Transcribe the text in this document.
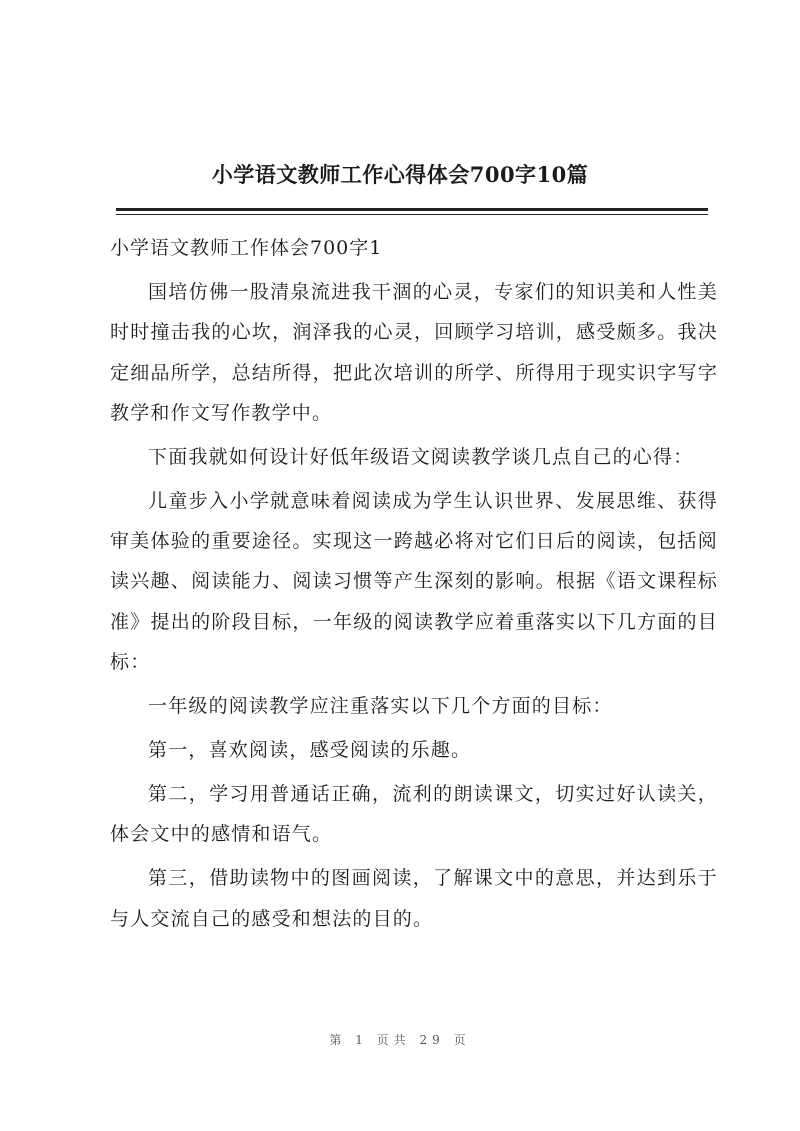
小学语文教师工作心得体会700字10篇

小学语文教师工作体会700字1

国培仿佛一股清泉流进我干涸的心灵，专家们的知识美和人性美时时撞击我的心坎，润泽我的心灵，回顾学习培训，感受颇多。我决定细品所学，总结所得，把此次培训的所学、所得用于现实识字写字教学和作文写作教学中。

下面我就如何设计好低年级语文阅读教学谈几点自己的心得：

儿童步入小学就意味着阅读成为学生认识世界、发展思维、获得审美体验的重要途径。实现这一跨越必将对它们日后的阅读，包括阅读兴趣、阅读能力、阅读习惯等产生深刻的影响。根据《语文课程标准》提出的阶段目标，一年级的阅读教学应着重落实以下几方面的目标：

一年级的阅读教学应注重落实以下几个方面的目标：

第一，喜欢阅读，感受阅读的乐趣。

第二，学习用普通话正确，流利的朗读课文，切实过好认读关，体会文中的感情和语气。

第三，借助读物中的图画阅读，了解课文中的意思，并达到乐于与人交流自己的感受和想法的目的。

第 1 页共 29 页
